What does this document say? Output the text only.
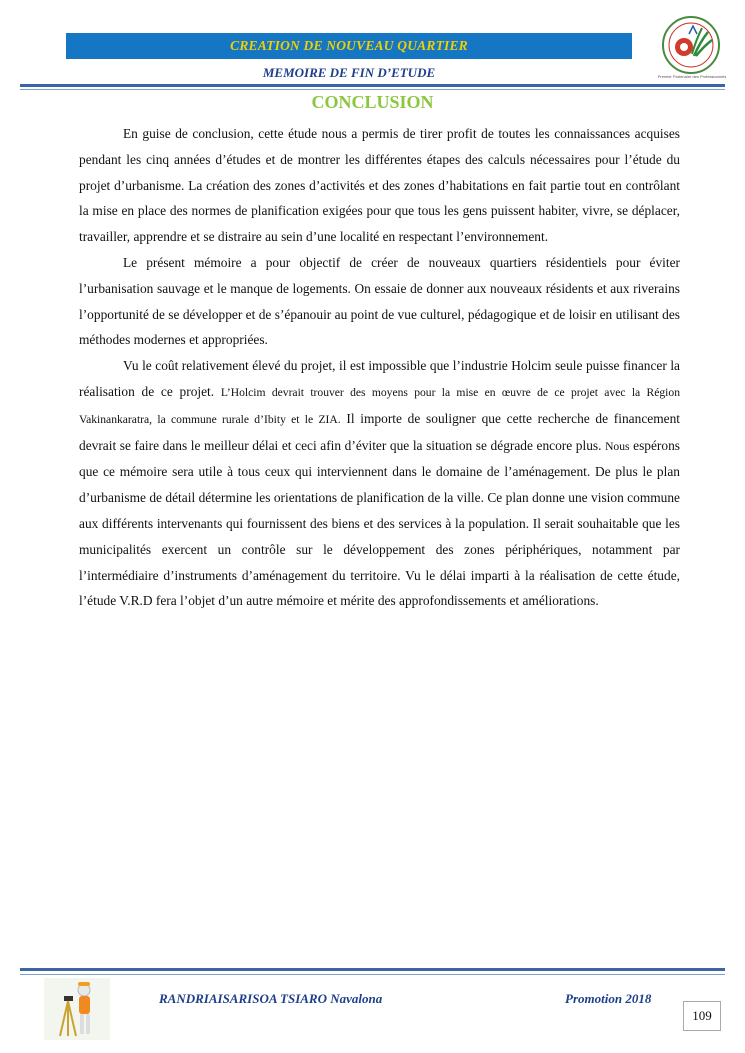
CREATION DE NOUVEAU QUARTIER
MEMOIRE DE FIN D’ETUDE	Premier Partenaire des Professionnels
CONCLUSION

En guise de conclusion, cette étude nous a permis de tirer profit de toutes les connaissances acquises pendant les cinq années d’études et de montrer les différentes étapes des calculs nécessaires pour l’étude du projet d’urbanisme. La création des zones d’activités et des zones d’habitations en fait partie tout en contrôlant la mise en place des normes de planification exigées pour que tous les gens puissent habiter, vivre, se déplacer, travailler, apprendre et se distraire au sein d’une localité en respectant l’environnement.

Le présent mémoire a pour objectif de créer de nouveaux quartiers résidentiels pour éviter l’urbanisation sauvage et le manque de logements. On essaie de donner aux nouveaux résidents et aux riverains l’opportunité de se développer et de s’épanouir au point de vue culturel, pédagogique et de loisir en utilisant des méthodes modernes et appropriées.

Vu le coût relativement élevé du projet, il est impossible que l’industrie Holcim seule puisse financer la réalisation de ce projet. L’Holcim devrait trouver des moyens pour la mise en œuvre de ce projet avec la Région Vakinankaratra, la commune rurale d’Ibity et le ZIA. Il importe de souligner que cette recherche de financement devrait se faire dans le meilleur délai et ceci afin d’éviter que la situation se dégrade encore plus. Nous espérons que ce mémoire sera utile à tous ceux qui interviennent dans le domaine de l’aménagement. De plus le plan d’urbanisme de détail détermine les orientations de planification de la ville. Ce plan donne une vision commune aux différents intervenants qui fournissent des biens et des services à la population. Il serait souhaitable que les municipalités exercent un contrôle sur le développement des zones périphériques, notamment par l’intermédiaire d’instruments d’aménagement du territoire. Vu le délai imparti à la réalisation de cette étude, l’étude V.R.D fera l’objet d’un autre mémoire et mérite des approfondissements et améliorations.

RANDRIAISARISOA TSIARO Navalona	Promotion 2018
109
